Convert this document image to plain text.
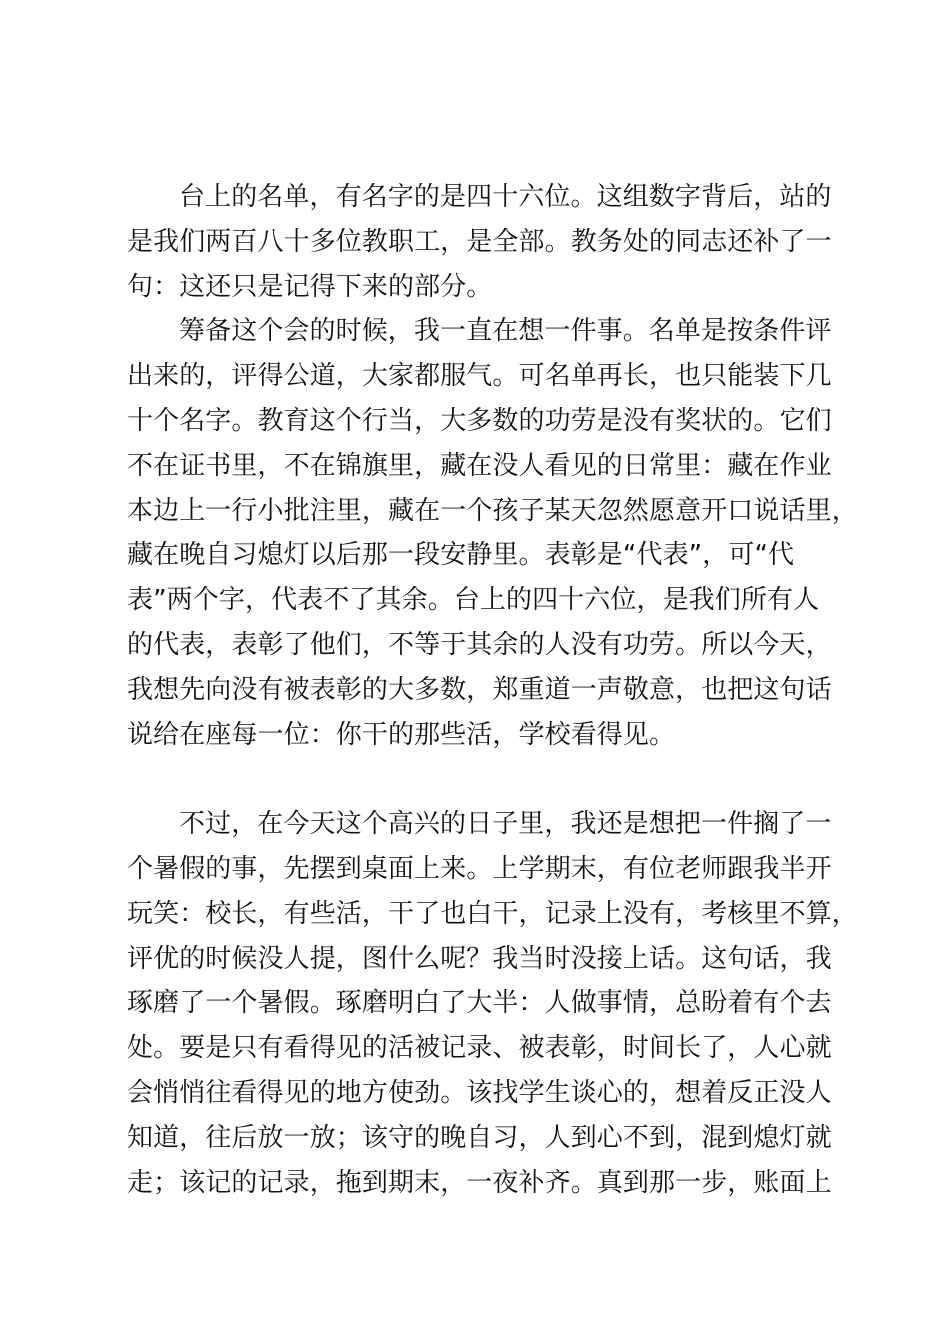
台上的名单，有名字的是四十六位。这组数字背后，站的
是我们两百八十多位教职工，是全部。教务处的同志还补了一
句：这还只是记得下来的部分。
筹备这个会的时候，我一直在想一件事。名单是按条件评
出来的，评得公道，大家都服气。可名单再长，也只能装下几
十个名字。教育这个行当，大多数的功劳是没有奖状的。它们
不在证书里，不在锦旗里，藏在没人看见的日常里：藏在作业
本边上一行小批注里，藏在一个孩子某天忽然愿意开口说话里，
藏在晚自习熄灯以后那一段安静里。表彰是“代表”，可“代
表”两个字，代表不了其余。台上的四十六位，是我们所有人
的代表，表彰了他们，不等于其余的人没有功劳。所以今天，
我想先向没有被表彰的大多数，郑重道一声敬意，也把这句话
说给在座每一位：你干的那些活，学校看得见。
不过，在今天这个高兴的日子里，我还是想把一件搁了一
个暑假的事，先摆到桌面上来。上学期末，有位老师跟我半开
玩笑：校长，有些活，干了也白干，记录上没有，考核里不算，
评优的时候没人提，图什么呢？我当时没接上话。这句话，我
琢磨了一个暑假。琢磨明白了大半：人做事情，总盼着有个去
处。要是只有看得见的活被记录、被表彰，时间长了，人心就
会悄悄往看得见的地方使劲。该找学生谈心的，想着反正没人
知道，往后放一放；该守的晚自习，人到心不到，混到熄灯就
走；该记的记录，拖到期末，一夜补齐。真到那一步，账面上
